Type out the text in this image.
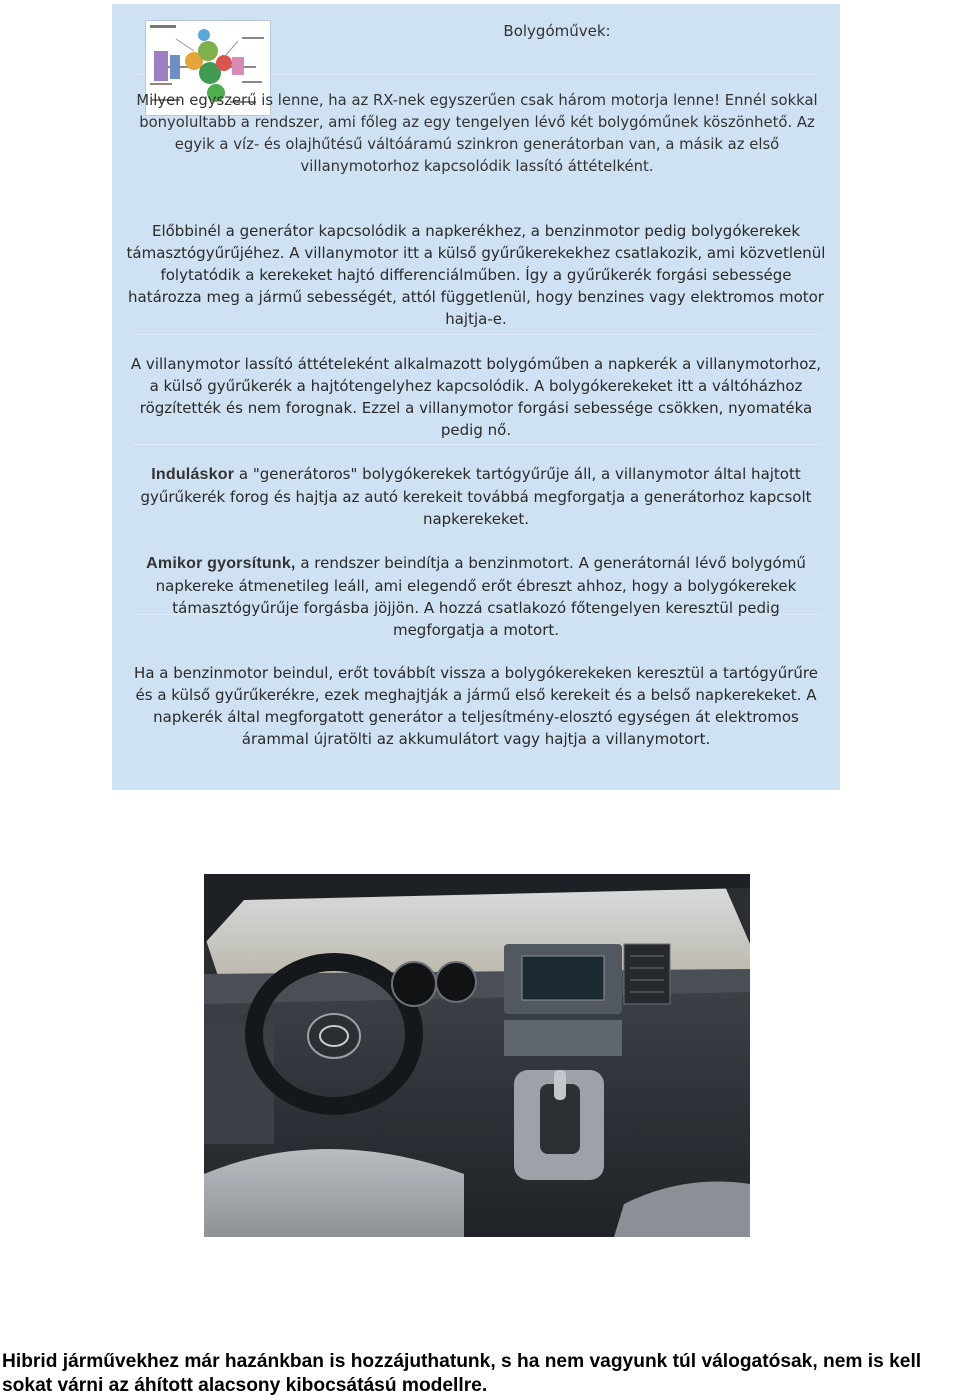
Bolygóművek:

Milyen egyszerű is lenne, ha az RX-nek egyszerűen csak három motorja lenne! Ennél sokkal bonyolultabb a rendszer, ami főleg az egy tengelyen lévő két bolygóműnek köszönhető. Az egyik a víz- és olajhűtésű váltóáramú szinkron generátorban van, a másik az első villanymotorhoz kapcsolódik lassító áttételként.

Előbbinél a generátor kapcsolódik a napkerékhez, a benzinmotor pedig bolygókerekek támasztógyűrűjéhez. A villanymotor itt a külső gyűrűkerekekhez csatlakozik, ami közvetlenül folytatódik a kerekeket hajtó differenciálműben. Így a gyűrűkerék forgási sebessége határozza meg a jármű sebességét, attól függetlenül, hogy benzines vagy elektromos motor hajtja-e.

A villanymotor lassító áttételeként alkalmazott bolygóműben a napkerék a villanymotorhoz, a külső gyűrűkerék a hajtótengelyhez kapcsolódik. A bolygókerekeket itt a váltóházhoz rögzítették és nem forognak. Ezzel a villanymotor forgási sebessége csökken, nyomatéka pedig nő.

Induláskor a "generátoros" bolygókerekek tartógyűrűje áll, a villanymotor által hajtott gyűrűkerék forog és hajtja az autó kerekeit továbbá megforgatja a generátorhoz kapcsolt napkerekeket.

Amikor gyorsítunk, a rendszer beindítja a benzinmotort. A generátornál lévő bolygómű napkereke átmenetileg leáll, ami elegendő erőt ébreszt ahhoz, hogy a bolygókerekek támasztógyűrűje forgásba jöjjön. A hozzá csatlakozó főtengelyen keresztül pedig megforgatja a motort.

Ha a benzinmotor beindul, erőt továbbít vissza a bolygókerekeken keresztül a tartógyűrűre és a külső gyűrűkerékre, ezek meghajtják a jármű első kerekeit és a belső napkerekeket. A napkerék által megforgatott generátor a teljesítmény-elosztó egységen át elektromos árammal újratölti az akkumulátort vagy hajtja a villanymotort.

Hibrid járművekhez már hazánkban is hozzájuthatunk, s ha nem vagyunk túl válogatósak, nem is kell sokat várni az áhított alacsony kibocsátású modellre.
